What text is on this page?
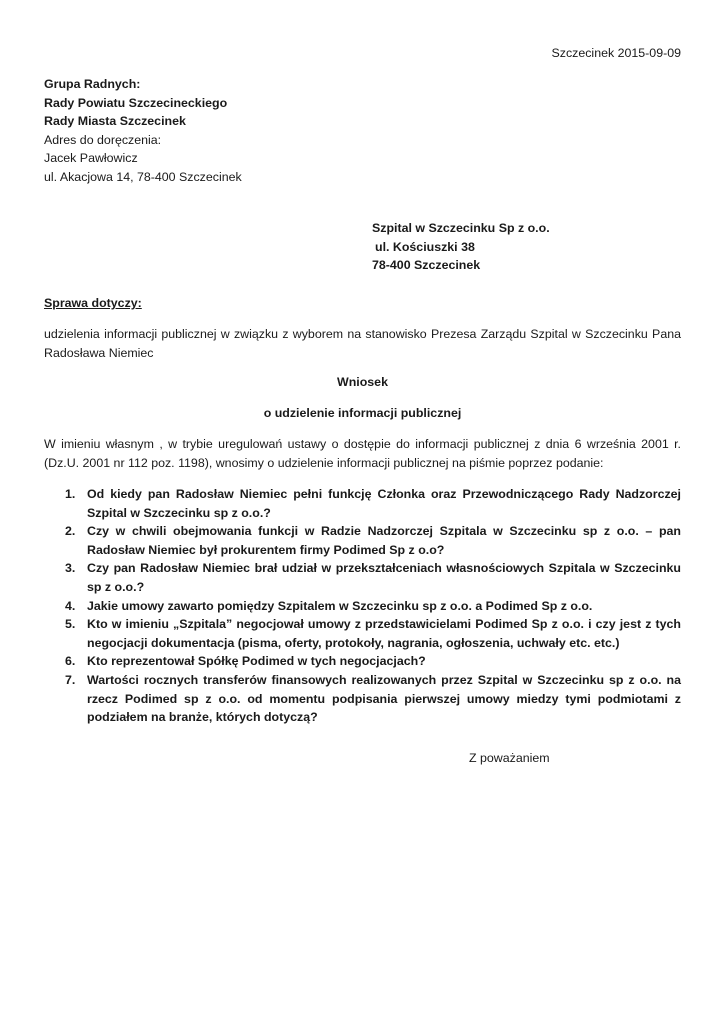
Szczecinek 2015-09-09
Grupa Radnych:
Rady Powiatu Szczecineckiego
Rady Miasta Szczecinek
Adres do doręczenia:
Jacek Pawłowicz
ul. Akacjowa 14, 78-400 Szczecinek
Szpital w Szczecinku Sp z o.o.
ul. Kościuszki 38
78-400 Szczecinek
Sprawa dotyczy:
udzielenia informacji publicznej w związku z wyborem na stanowisko Prezesa Zarządu Szpital w Szczecinku Pana Radosława Niemiec
Wniosek
o udzielenie informacji publicznej
W imieniu własnym , w trybie uregulowań ustawy o dostępie do informacji publicznej z dnia 6 września 2001 r. (Dz.U. 2001 nr 112 poz. 1198), wnosimy o udzielenie informacji publicznej na piśmie poprzez podanie:
1. Od kiedy pan Radosław Niemiec pełni funkcję Członka oraz Przewodniczącego Rady Nadzorczej Szpital w Szczecinku sp z o.o.?
2. Czy w chwili obejmowania funkcji w Radzie Nadzorczej Szpitala w Szczecinku sp z o.o. – pan Radosław Niemiec był prokurentem firmy Podimed Sp z o.o?
3. Czy pan Radosław Niemiec brał udział w przekształceniach własnościowych Szpitala w Szczecinku sp z o.o.?
4. Jakie umowy zawarto pomiędzy Szpitalem w Szczecinku sp z o.o. a Podimed Sp z o.o.
5. Kto w imieniu „Szpitala” negocjował umowy z przedstawicielami Podimed Sp z o.o. i czy jest z tych negocjacji dokumentacja (pisma, oferty, protokoły, nagrania, ogłoszenia, uchwały etc. etc.)
6. Kto reprezentował Spółkę Podimed w tych negocjacjach?
7. Wartości rocznych transferów finansowych realizowanych przez Szpital w Szczecinku sp z o.o. na rzecz Podimed sp z o.o. od momentu podpisania pierwszej umowy miedzy tymi podmiotami z podziałem na branże, których dotyczą?
Z poważaniem
